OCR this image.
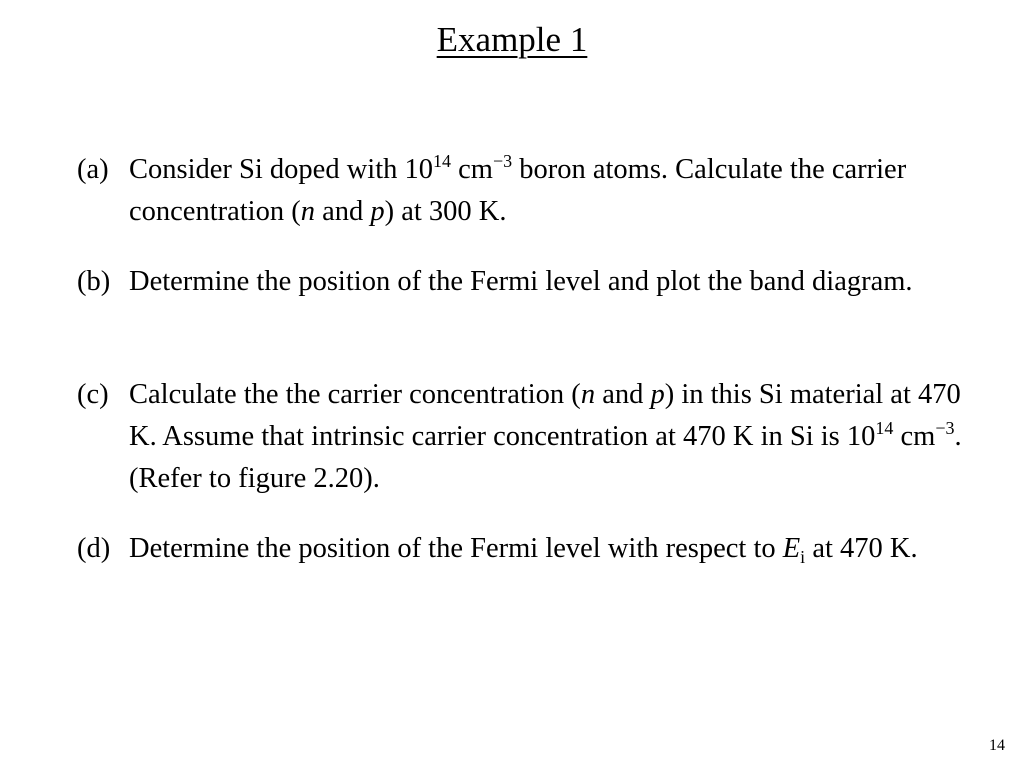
Example 1
(a) Consider Si doped with $10^{14}$ $cm^{-3}$ boron atoms. Calculate the carrier concentration (n and p) at 300 K.
(b) Determine the position of the Fermi level and plot the band diagram.
(c) Calculate the the carrier concentration (n and p) in this Si material at 470 K. Assume that intrinsic carrier concentration at 470 K in Si is $10^{14}$ $cm^{-3}$. (Refer to figure 2.20).
(d) Determine the position of the Fermi level with respect to $E_i$ at 470 K.
14
